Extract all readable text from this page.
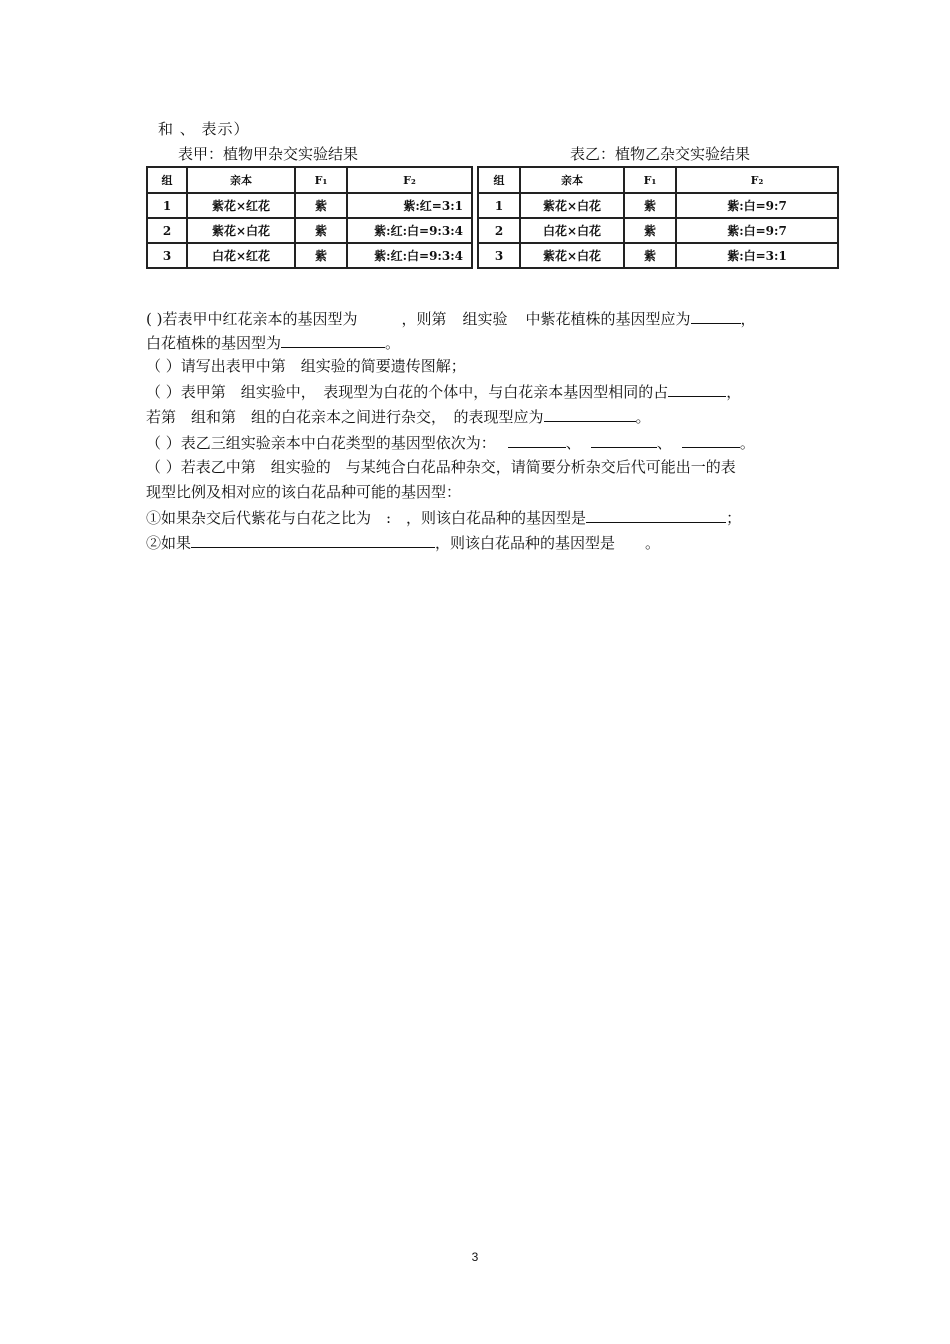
和 、 表示）
表甲：植物甲杂交实验结果	表乙：植物乙杂交实验结果
组	亲本	F₁	F₂
1	紫花×红花	紫	紫:红=3:1
2	紫花×白花	紫	紫:红:白=9:3:4
3	白花×红花	紫	紫:红:白=9:3:4
组	亲本	F₁	F₂
1	紫花×白花	紫	紫:白=9:7
2	白花×白花	紫	紫:白=9:7
3	紫花×白花	紫	紫:白=3:1
( )若表甲中红花亲本的基因型为	，则第 组实验 中紫花植株的基因型应为	，
白花植株的基因型为	。
（ ）请写出表甲中第　组实验的简要遗传图解；
（ ）表甲第　组实验中，　表现型为白花的个体中，与白花亲本基因型相同的占	，
若第　组和第　组的白花亲本之间进行杂交，　的表现型应为	。
（ ）表乙三组实验亲本中白花类型的基因型依次为：	、	、	。
（ ）若表乙中第　组实验的　与某纯合白花品种杂交，请简要分析杂交后代可能出一的表
现型比例及相对应的该白花品种可能的基因型：
①如果杂交后代紫花与白花之比为　:　，则该白花品种的基因型是	；
②如果	，则该白花品种的基因型是　　。
3
